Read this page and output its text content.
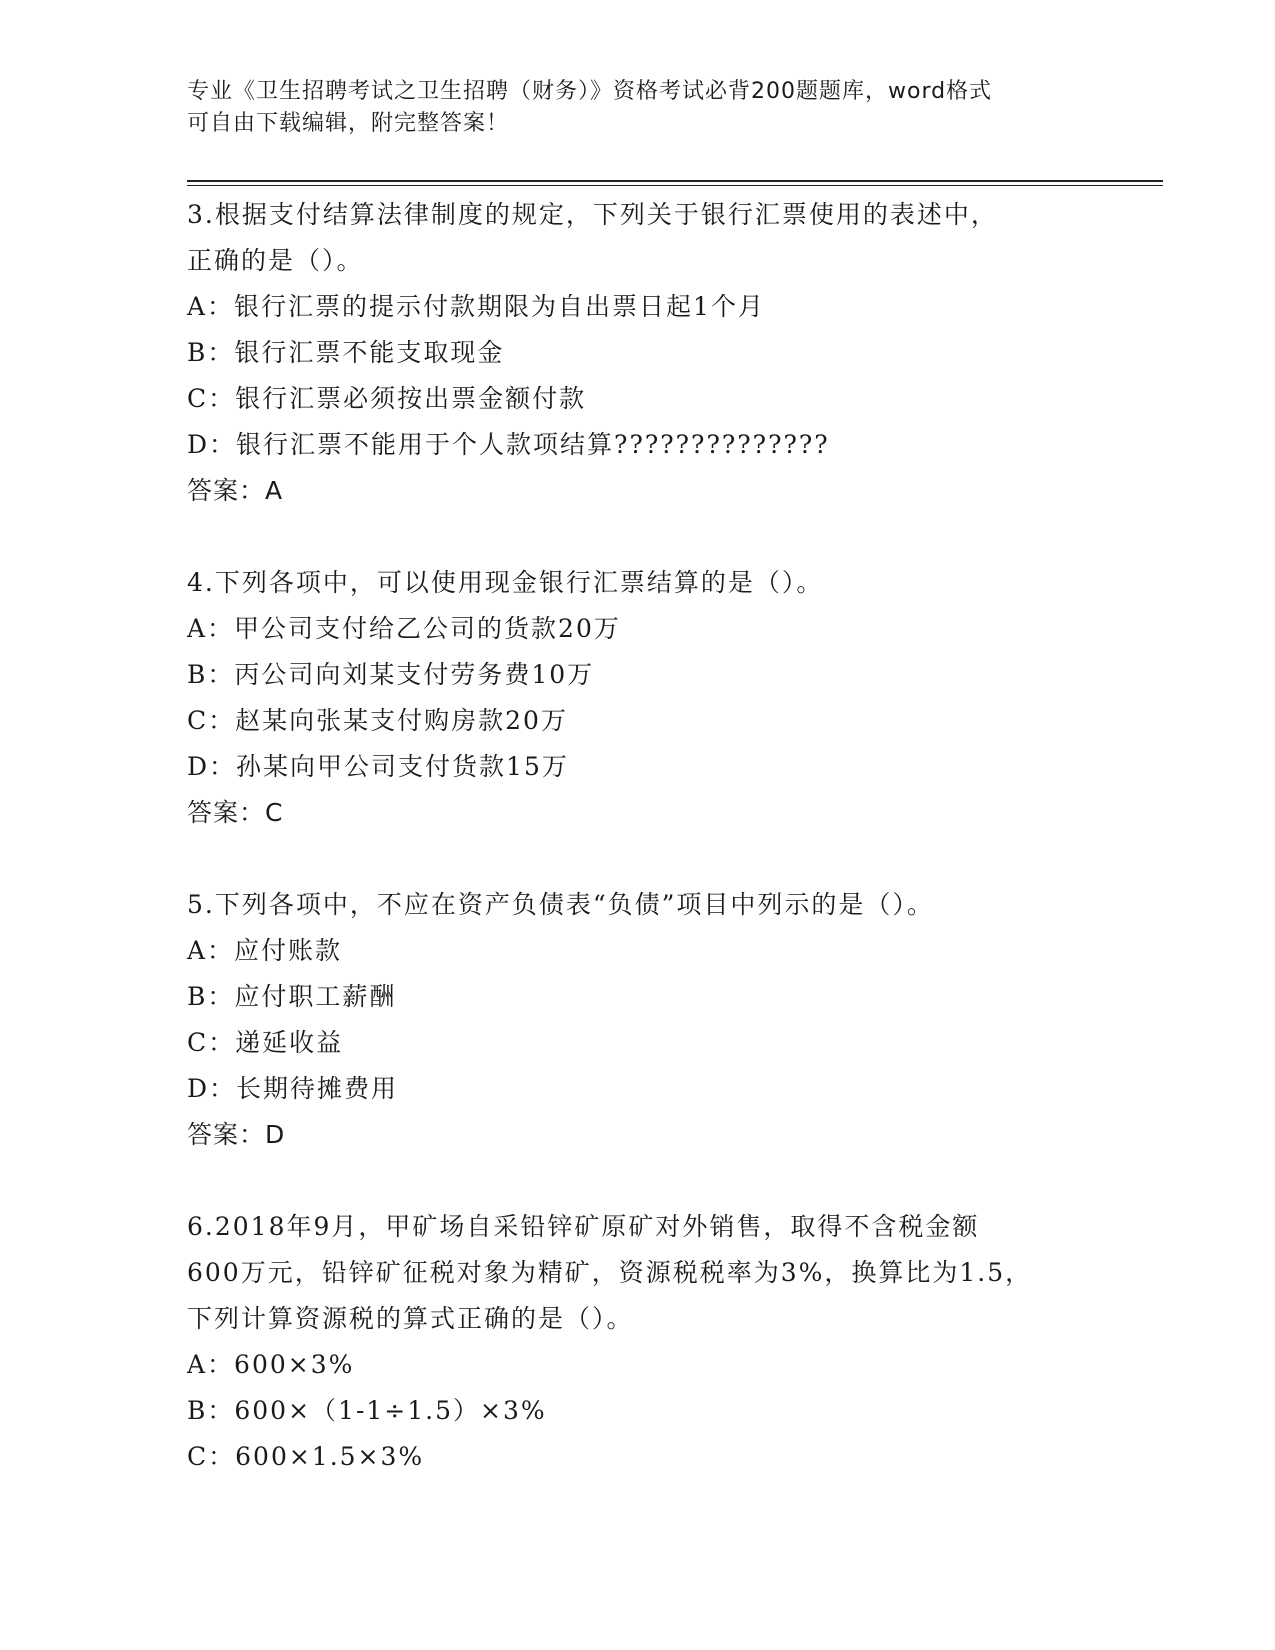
专业《卫生招聘考试之卫生招聘（财务）》资格考试必背200题题库，word格式
可自由下载编辑，附完整答案！
3.根据支付结算法律制度的规定，下列关于银行汇票使用的表述中，
正确的是（）。
A：银行汇票的提示付款期限为自出票日起1个月
B：银行汇票不能支取现金
C：银行汇票必须按出票金额付款
D：银行汇票不能用于个人款项结算??????????????
答案：A
4.下列各项中，可以使用现金银行汇票结算的是（）。
A：甲公司支付给乙公司的货款20万
B：丙公司向刘某支付劳务费10万
C：赵某向张某支付购房款20万
D：孙某向甲公司支付货款15万
答案：C
5.下列各项中，不应在资产负债表“负债”项目中列示的是（）。
A：应付账款
B：应付职工薪酬
C：递延收益
D：长期待摊费用
答案：D
6.2018年9月，甲矿场自采铅锌矿原矿对外销售，取得不含税金额
600万元，铅锌矿征税对象为精矿，资源税税率为3%，换算比为1.5，
下列计算资源税的算式正确的是（）。
A：600×3%
B：600×（1-1÷1.5）×3%
C：600×1.5×3%
